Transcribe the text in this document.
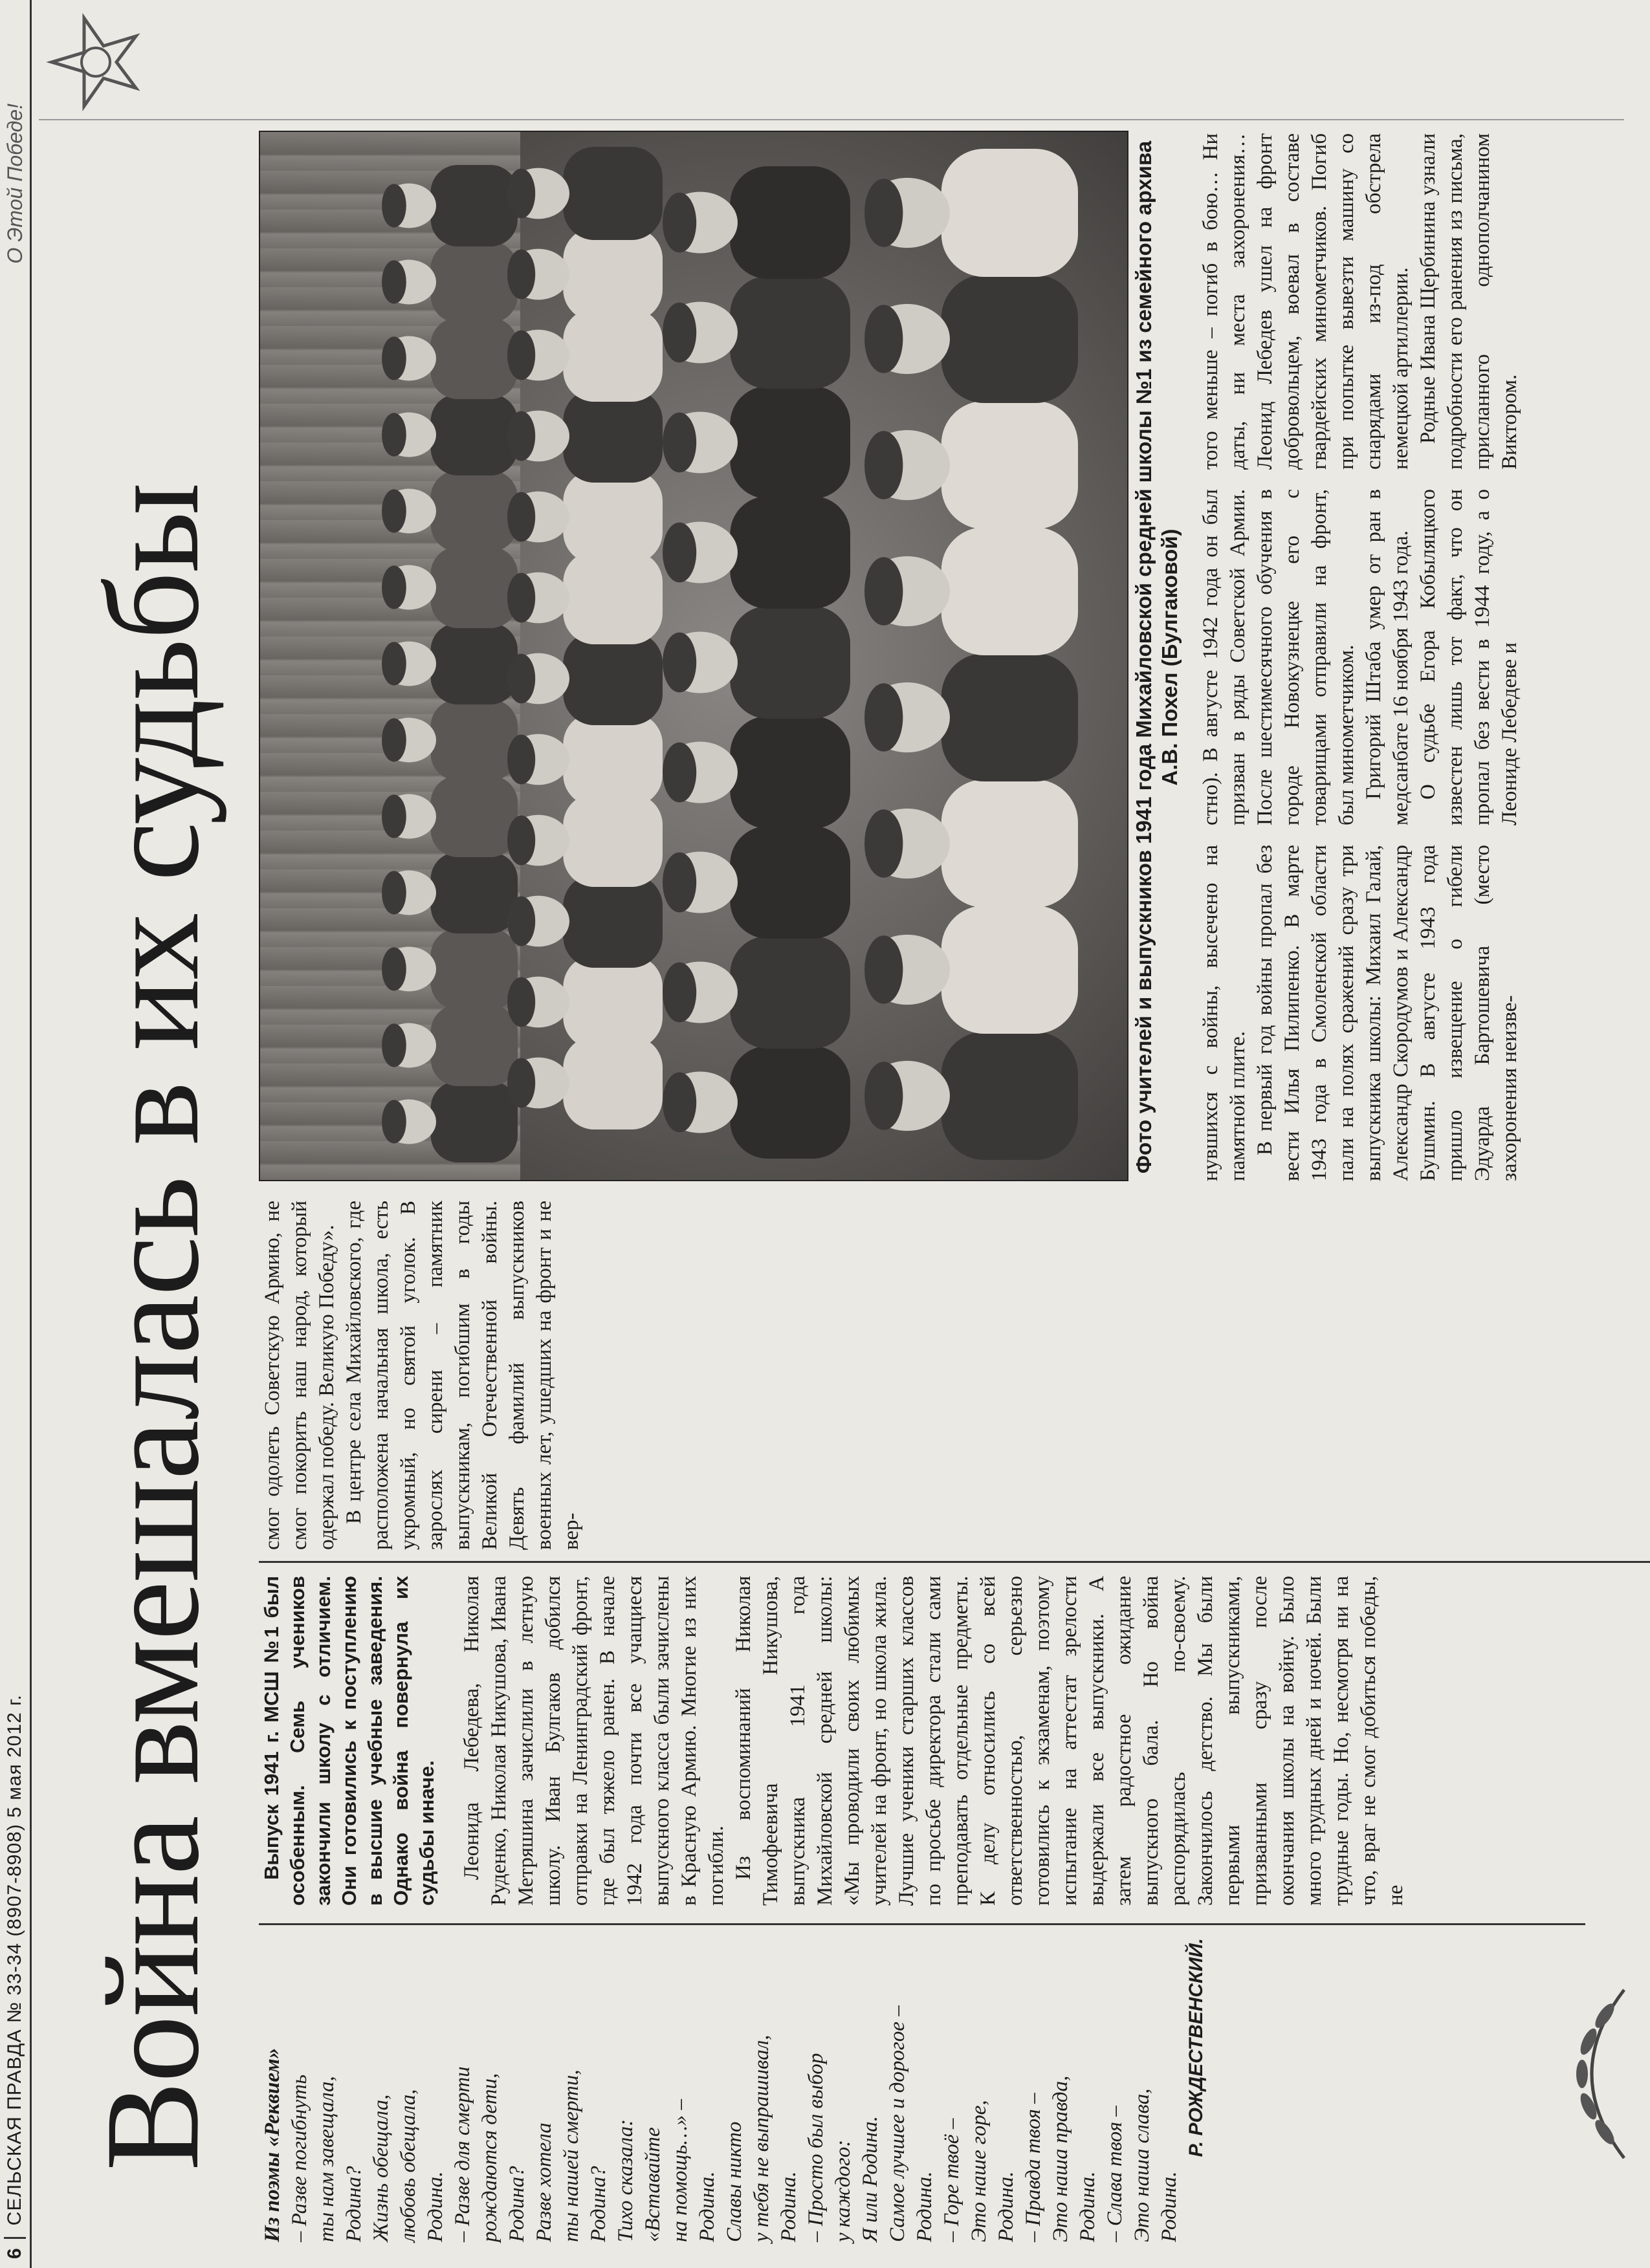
6
СЕЛЬСКАЯ ПРАВДА № 33-34 (8907-8908) 5 мая 2012 г.
О Этой Победе!
Война вмешалась в их судьбы Из поэмы «Реквием» – Разве погибнуть ты нам завещала, Родина? Жизнь обещала, любовь обещала, Родина. – Разве для смерти рождаются дети, Родина? Разве хотела ты нашей смерти, Родина? Тихо сказала: «Вставайте на помощь…» – Родина. Славы никто у тебя не выпрашивал, Родина. – Просто был выбор у каждого: Я или Родина. Самое лучшее и дорогое – Родина. – Горе твоё – Это наше горе, Родина. – Правда твоя – Это наша правда, Родина. – Слава твоя – Это наша слава, Родина.

Р. РОЖДЕСТВЕНСКИЙ.

Выпуск 1941 г. МСШ №1 был особенным. Семь учеников закончили школу с отличием. Они готовились к поступлению в высшие учебные заведения. Однако война повернула их судьбы иначе. Леонида Лебедева, Николая Руденко, Николая Никушова, Ивана Метряшина зачислили в летную школу. Иван Булгаков добился отправки на Ленинградский фронт, где был тяжело ранен. В начале 1942 года почти все учащиеся выпускного класса были зачислены в Красную Армию. Многие из них погибли. Из воспоминаний Николая Тимофеевича Никушова, выпускника 1941 года Михайловской средней школы: «Мы проводили своих любимых учителей на фронт, но школа жила. Лучшие ученики старших классов по просьбе директора стали сами преподавать отдельные предметы. К делу относились со всей ответственностью, серьезно готовились к экзаменам, поэтому испытание на аттестат зрелости выдержали все выпускники. А затем радостное ожидание выпускного бала. Но война распорядилась по-своему. Закончилось детство. Мы были первыми выпускниками, призванными сразу после окончания школы на войну. Было много трудных дней и ночей. Были трудные годы. Но, несмотря ни на что, враг не смог добиться победы, не

смог одолеть Советскую Армию, не смог покорить наш народ, который одержал победу. Великую Победу». В центре села Михайловского, где расположена начальная школа, есть укромный, но святой уголок. В зарослях сирени – памятник выпускникам, погибшим в годы Великой Отечественной войны. Девять фамилий выпускников военных лет, ушедших на фронт и не вер-

Фото учителей и выпускников 1941 года Михайловской средней школы №1 из семейного архива А.В. Похел (Булгаковой)

нувшихся с войны, высечено на памятной плите. В первый год войны пропал без вести Илья Пилипенко. В марте 1943 года в Смоленской области пали на полях сражений сразу три выпускника школы: Михаил Галай, Александр Скородумов и Александр Бушмин. В августе 1943 года пришло извещение о гибели Эдуарда Бартошевича (место захоронения неизве-

стно). В августе 1942 года он был призван в ряды Советской Армии. После шестимесячного обучения в городе Новокузнецке его с товарищами отправили на фронт, был минометчиком. Григорий Штаба умер от ран в медсанбате 16 ноября 1943 года. О судьбе Егора Кобыляцкого известен лишь тот факт, что он пропал без вести в 1944 году, а о Леониде Лебедеве и

того меньше – погиб в бою… Ни даты, ни места захоронения… Леонид Лебедев ушел на фронт добровольцем, воевал в составе гвардейских минометчиков. Погиб при попытке вывезти машину со снарядами из-под обстрела немецкой артиллерии. Родные Ивана Щербинина узнали подробности его ранения из письма, присланного однополчанином Виктором.
